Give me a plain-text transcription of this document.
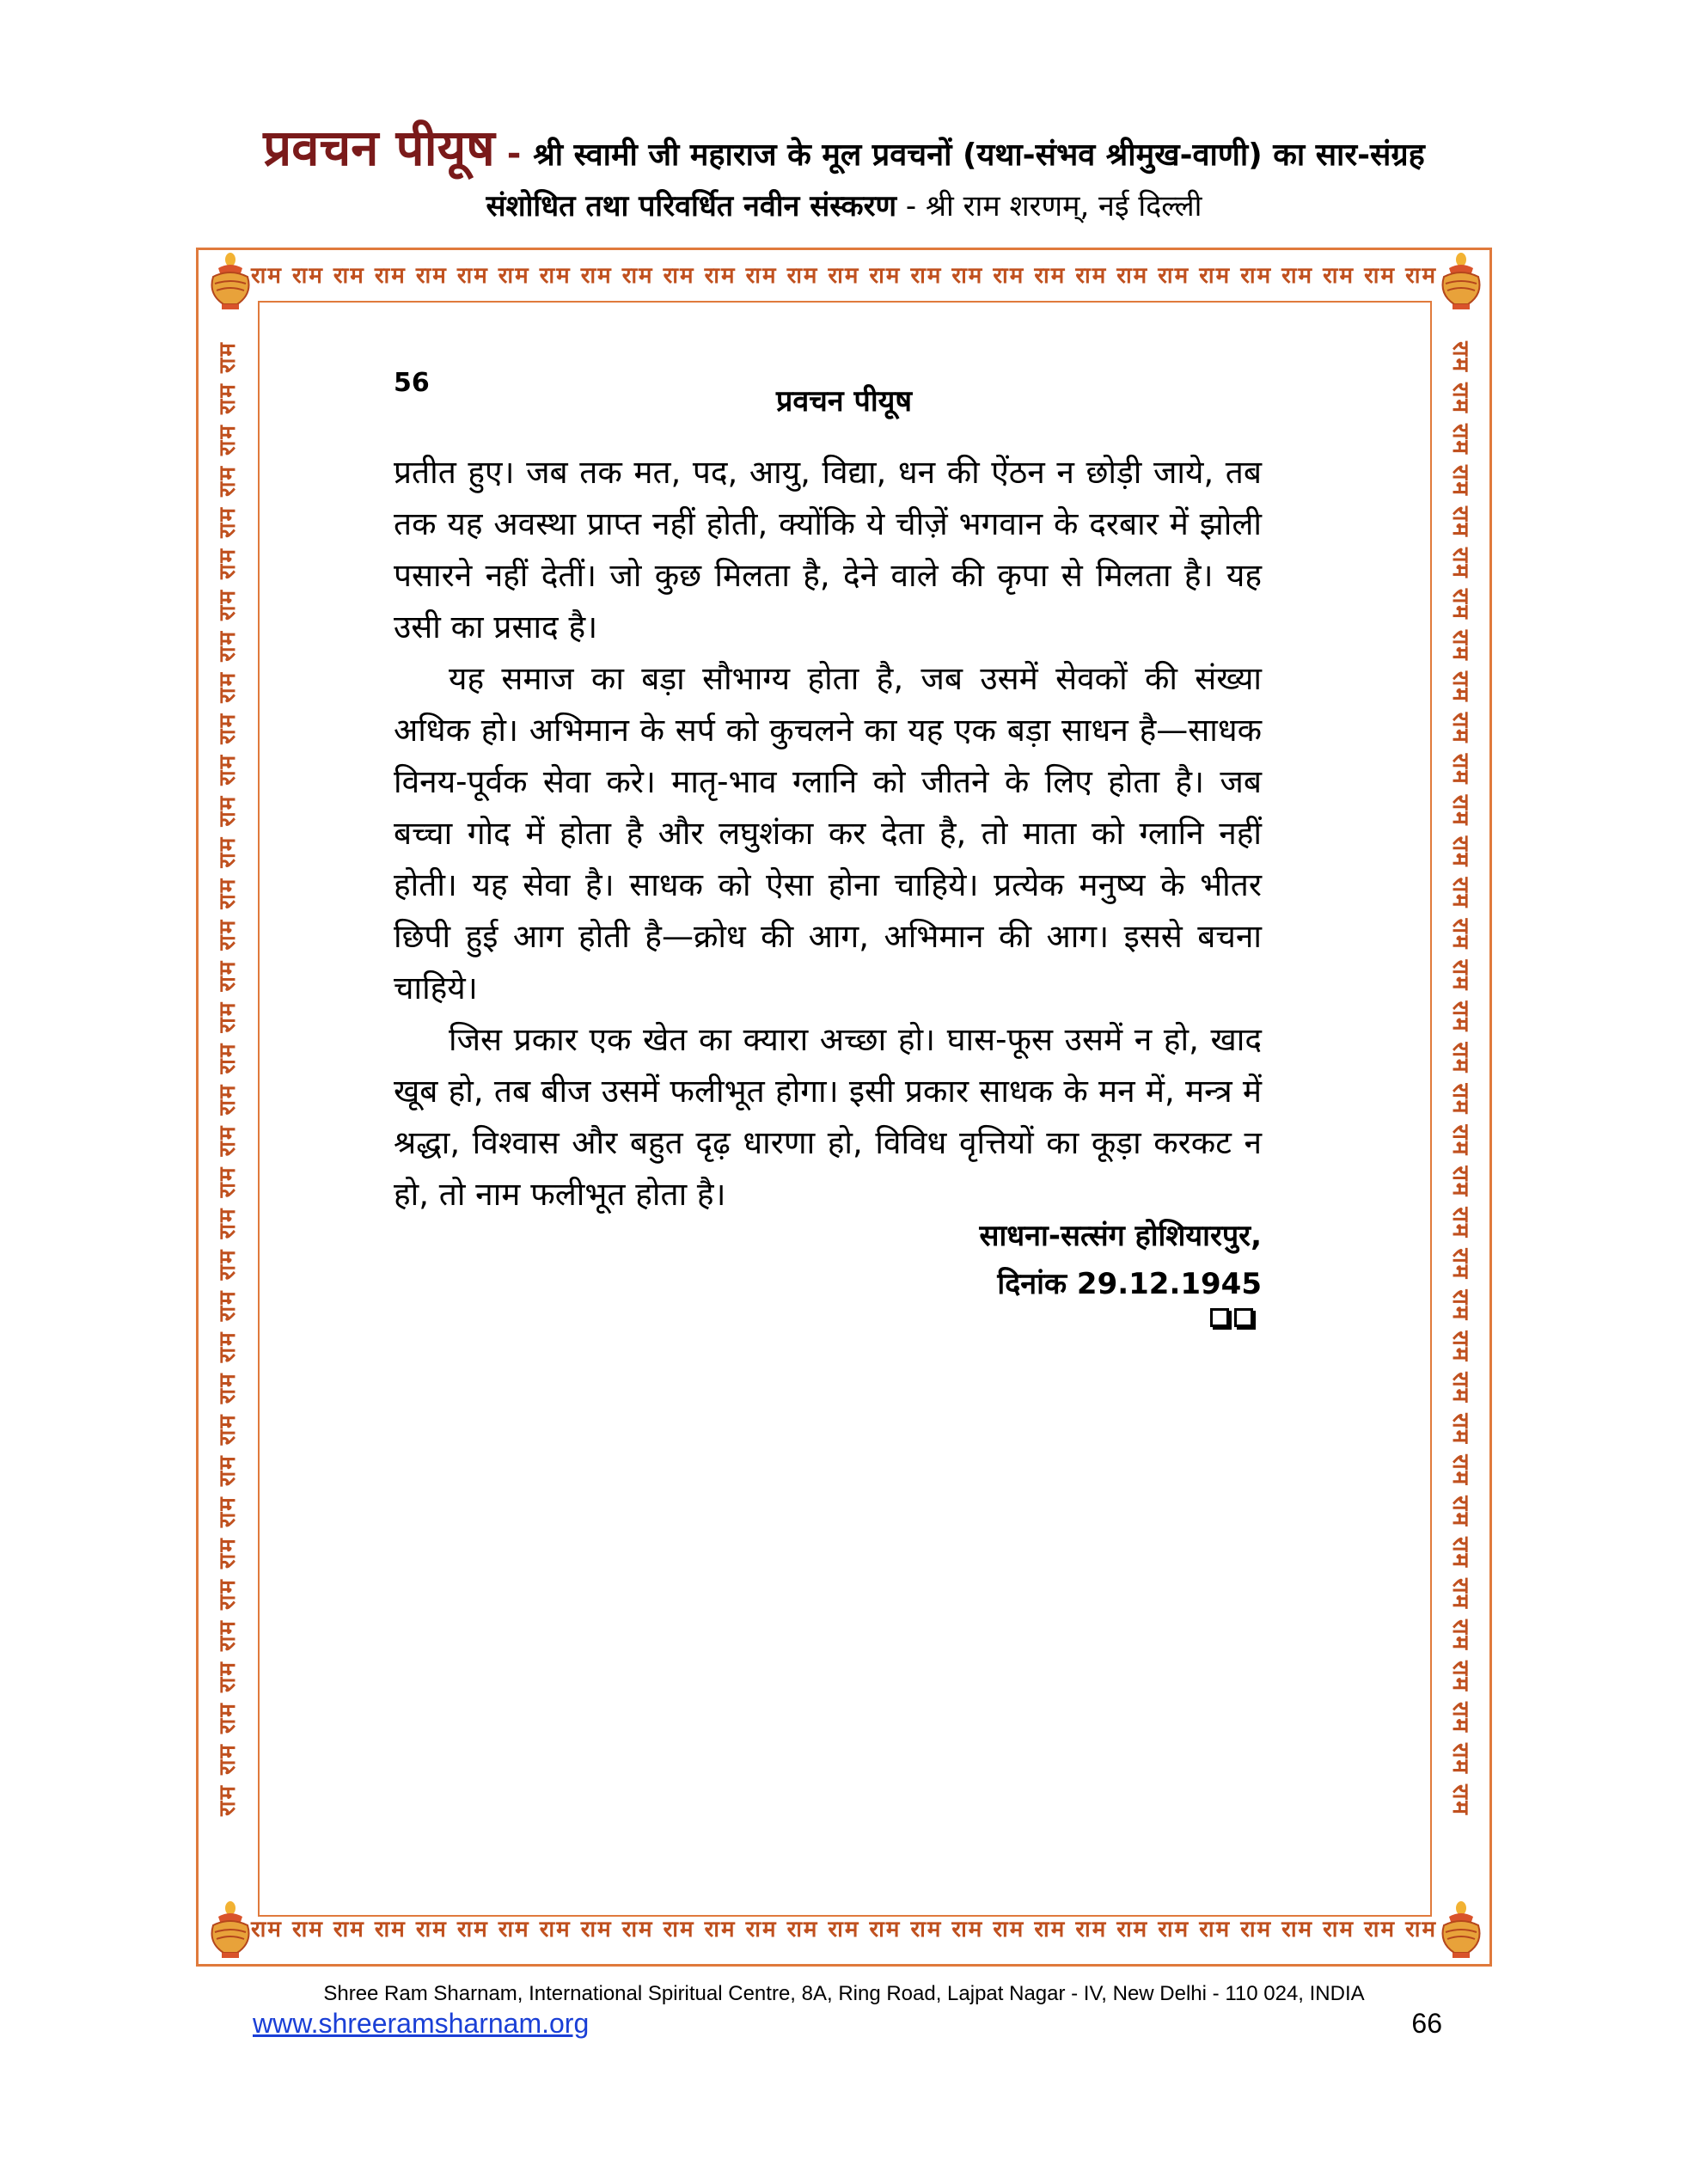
प्रवचन पीयूष - श्री स्वामी जी महाराज के मूल प्रवचनों (यथा-संभव श्रीमुख-वाणी) का सार-संग्रह
संशोधित तथा परिवर्धित नवीन संस्करण - श्री राम शरणम्, नई दिल्ली
राम राम राम राम राम राम राम राम राम राम राम राम राम राम राम राम राम राम राम राम राम राम राम राम राम राम राम राम राम
राम राम राम राम राम राम राम राम राम राम राम राम राम राम राम राम राम राम राम राम राम राम राम राम राम राम राम राम राम
राम राम राम राम राम राम राम राम राम राम राम राम राम राम राम राम राम राम राम राम राम राम राम राम राम राम राम राम राम राम राम राम राम राम राम राम	राम राम राम राम राम राम राम राम राम राम राम राम राम राम राम राम राम राम राम राम राम राम राम राम राम राम राम राम राम राम राम राम राम राम राम राम
56
प्रवचन पीयूष

प्रतीत हुए। जब तक मत, पद, आयु, विद्या, धन की ऐंठन न छोड़ी जाये, तब तक यह अवस्था प्राप्त नहीं होती, क्योंकि ये चीज़ें भगवान के दरबार में झोली पसारने नहीं देतीं। जो कुछ मिलता है, देने वाले की कृपा से मिलता है। यह उसी का प्रसाद है।

यह समाज का बड़ा सौभाग्य होता है, जब उसमें सेवकों की संख्या अधिक हो। अभिमान के सर्प को कुचलने का यह एक बड़ा साधन है—साधक विनय-पूर्वक सेवा करे। मातृ-भाव ग्लानि को जीतने के लिए होता है। जब बच्चा गोद में होता है और लघुशंका कर देता है, तो माता को ग्लानि नहीं होती। यह सेवा है। साधक को ऐसा होना चाहिये। प्रत्येक मनुष्य के भीतर छिपी हुई आग होती है—क्रोध की आग, अभिमान की आग। इससे बचना चाहिये।

जिस प्रकार एक खेत का क्यारा अच्छा हो। घास-फूस उसमें न हो, खाद खूब हो, तब बीज उसमें फलीभूत होगा। इसी प्रकार साधक के मन में, मन्त्र में श्रद्धा, विश्वास और बहुत दृढ़ धारणा हो, विविध वृत्तियों का कूड़ा करकट न हो, तो नाम फलीभूत होता है।

साधना-सत्संग होशियारपुर,
दिनांक 29.12.1945
Shree Ram Sharnam, International Spiritual Centre, 8A, Ring Road, Lajpat Nagar - IV, New Delhi - 110 024, INDIA
www.shreeramsharnam.org	66
